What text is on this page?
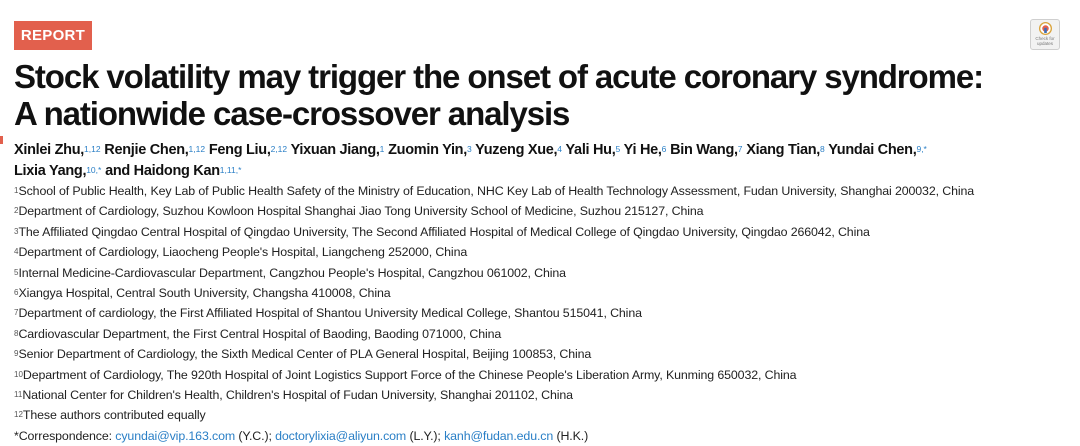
REPORT	Check for updates
Stock volatility may trigger the onset of acute coronary syndrome:
A nationwide case-crossover analysis
Xinlei Zhu,$^{1,12}$ Renjie Chen,$^{1,12}$ Feng Liu,$^{2,12}$ Yixuan Jiang,$^1$ Zuomin Yin,$^3$ Yuzeng Xue,$^4$ Yali Hu,$^5$ Yi He,$^6$ Bin Wang,$^7$ Xiang Tian,$^8$ Yundai Chen,$^{9,*}$
Lixia Yang,$^{10,*}$ and Haidong Kan$^{1,11,*}$
$^1$School of Public Health, Key Lab of Public Health Safety of the Ministry of Education, NHC Key Lab of Health Technology Assessment, Fudan University, Shanghai 200032, China
$^2$Department of Cardiology, Suzhou Kowloon Hospital Shanghai Jiao Tong University School of Medicine, Suzhou 215127, China
$^3$The Affiliated Qingdao Central Hospital of Qingdao University, The Second Affiliated Hospital of Medical College of Qingdao University, Qingdao 266042, China
$^4$Department of Cardiology, Liaocheng People's Hospital, Liangcheng 252000, China
$^5$Internal Medicine-Cardiovascular Department, Cangzhou People's Hospital, Cangzhou 061002, China
$^6$Xiangya Hospital, Central South University, Changsha 410008, China
$^7$Department of cardiology, the First Affiliated Hospital of Shantou University Medical College, Shantou 515041, China
$^8$Cardiovascular Department, the First Central Hospital of Baoding, Baoding 071000, China
$^9$Senior Department of Cardiology, the Sixth Medical Center of PLA General Hospital, Beijing 100853, China
$^{10}$Department of Cardiology, The 920th Hospital of Joint Logistics Support Force of the Chinese People's Liberation Army, Kunming 650032, China
$^{11}$National Center for Children's Health, Children's Hospital of Fudan University, Shanghai 201102, China
$^{12}$These authors contributed equally
*Correspondence: cyundai@vip.163.com (Y.C.); doctorylixia@aliyun.com (L.Y.); kanh@fudan.edu.cn (H.K.)
